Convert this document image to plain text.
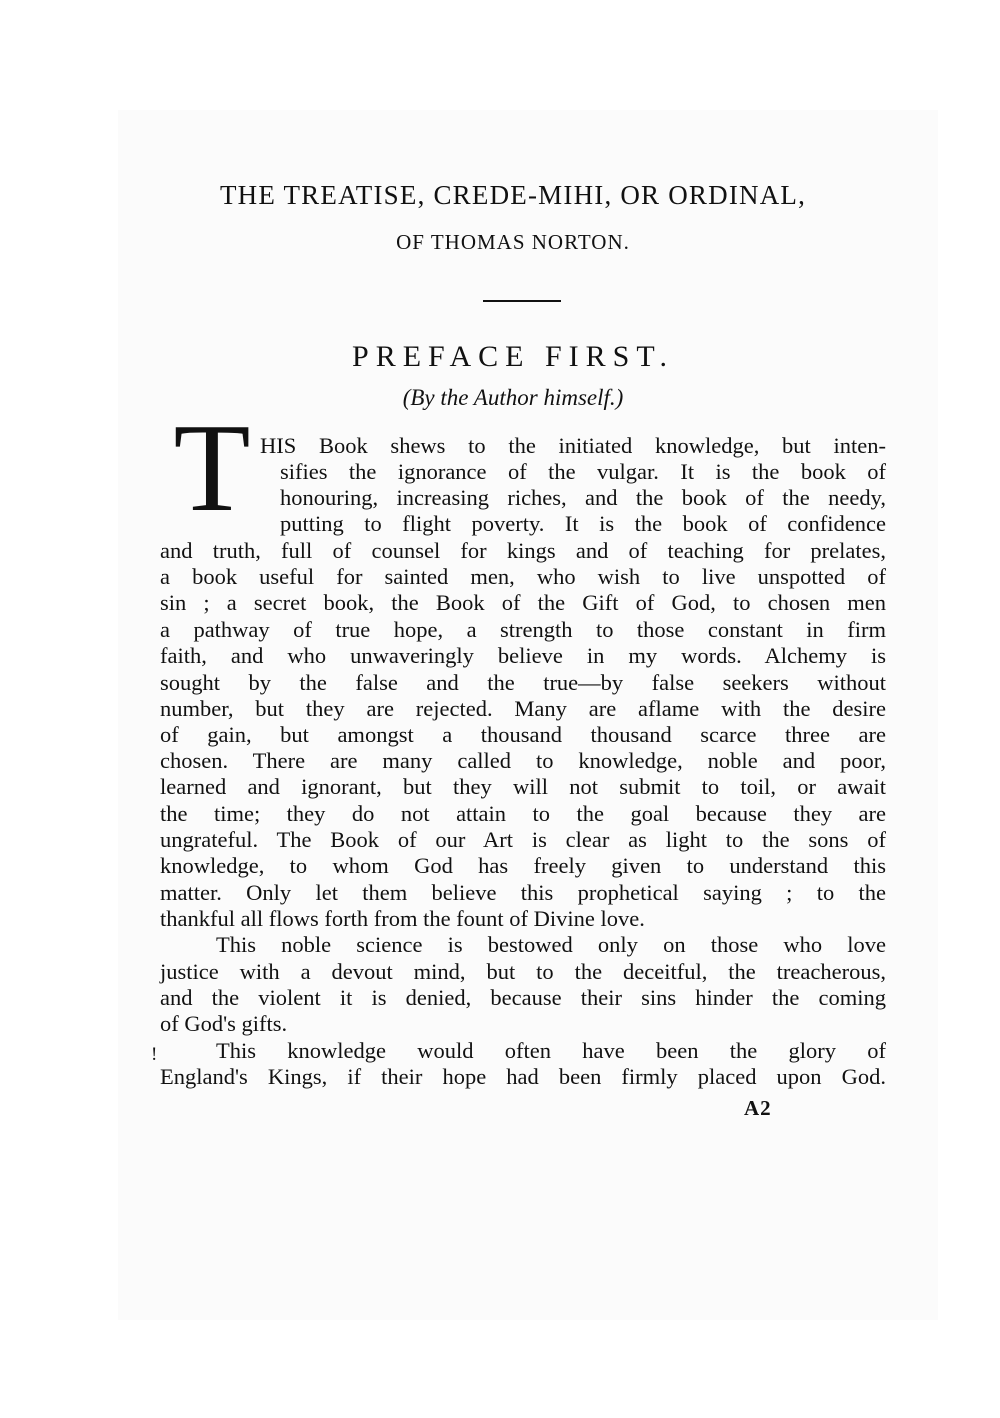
THE TREATISE, CREDE-MIHI, OR ORDINAL,
OF THOMAS NORTON.
PREFACE FIRST.
(By the Author himself.)
T HIS Book shews to the initiated knowledge, but inten-
sifies the ignorance of the vulgar. It is the book of
honouring, increasing riches, and the book of the needy,
putting to flight poverty. It is the book of confidence
and truth, full of counsel for kings and of teaching for prelates,
a book useful for sainted men, who wish to live unspotted of
sin ; a secret book, the Book of the Gift of God, to chosen men
a pathway of true hope, a strength to those constant in firm
faith, and who unwaveringly believe in my words. Alchemy is
sought by the false and the true—by false seekers without
number, but they are rejected. Many are aflame with the desire
of gain, but amongst a thousand thousand scarce three are
chosen. There are many called to knowledge, noble and poor,
learned and ignorant, but they will not submit to toil, or await
the time; they do not attain to the goal because they are
ungrateful. The Book of our Art is clear as light to the sons of
knowledge, to whom God has freely given to understand this
matter. Only let them believe this prophetical saying ; to the
thankful all flows forth from the fount of Divine love.
This noble science is bestowed only on those who love
justice with a devout mind, but to the deceitful, the treacherous,
and the violent it is denied, because their sins hinder the coming
of God's gifts.
!	This knowledge would often have been the glory of
England's Kings, if their hope had been firmly placed upon God.
A2
